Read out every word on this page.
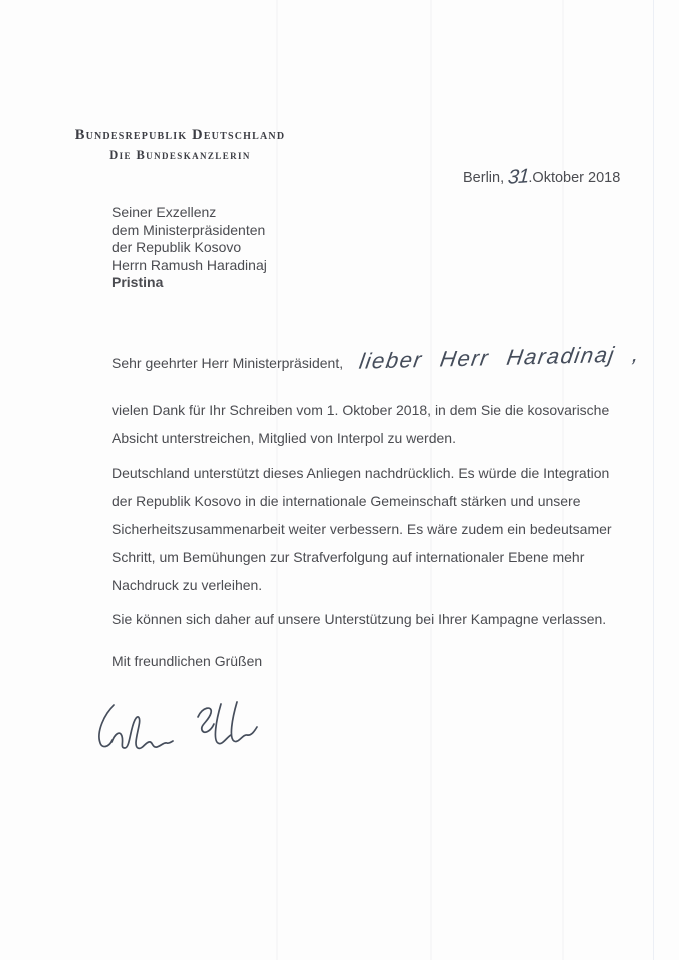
Bundesrepublik Deutschland
Die Bundeskanzlerin
Berlin, 31.Oktober 2018
Seiner Exzellenz
dem Ministerpräsidenten
der Republik Kosovo
Herrn Ramush Haradinaj
Pristina
Sehr geehrter Herr Ministerpräsident, lieber Herr Haradinaj ,
vielen Dank für Ihr Schreiben vom 1. Oktober 2018, in dem Sie die kosovarische
Absicht unterstreichen, Mitglied von Interpol zu werden.
Deutschland unterstützt dieses Anliegen nachdrücklich. Es würde die Integration
der Republik Kosovo in die internationale Gemeinschaft stärken und unsere
Sicherheitszusammenarbeit weiter verbessern. Es wäre zudem ein bedeutsamer
Schritt, um Bemühungen zur Strafverfolgung auf internationaler Ebene mehr
Nachdruck zu verleihen.
Sie können sich daher auf unsere Unterstützung bei Ihrer Kampagne verlassen.
Mit freundlichen Grüßen
